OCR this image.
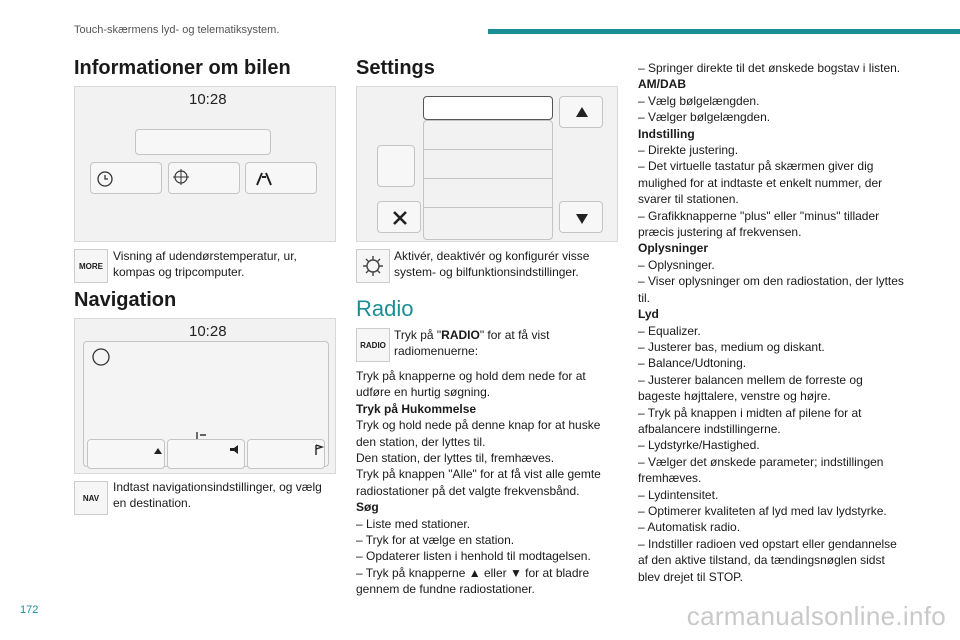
Touch-skærmens lyd- og telematiksystem.
172
Informationer om bilen
10:28
MORE
Visning af udendørstemperatur, ur, kompas og tripcomputer.
Navigation
10:28
NAV
Indtast navigationsindstillinger, og vælg en destination.
Settings
Aktivér, deaktivér og konfigurér visse system- og bilfunktionsindstillinger.
Radio
RADIO
Tryk på "RADIO" for at få vist radiomenuerne:

Tryk på knapperne og hold dem nede for at udføre en hurtig søgning.

Tryk på Hukommelse

Tryk og hold nede på denne knap for at huske den station, der lyttes til.

Den station, der lyttes til, fremhæves.

Tryk på knappen "Alle" for at få vist alle gemte radiostationer på det valgte frekvensbånd.

Søg

– Liste med stationer.

– Tryk for at vælge en station.

– Opdaterer listen i henhold til modtagelsen.

– Tryk på knapperne ▲ eller ▼ for at bladre gennem de fundne radiostationer.

– Springer direkte til det ønskede bogstav i listen.

AM/DAB

– Vælg bølgelængden.

– Vælger bølgelængden.

Indstilling

– Direkte justering.

– Det virtuelle tastatur på skærmen giver dig mulighed for at indtaste et enkelt nummer, der svarer til stationen.

– Grafikknapperne "plus" eller "minus" tillader præcis justering af frekvensen.

Oplysninger

– Oplysninger.

– Viser oplysninger om den radiostation, der lyttes til.

Lyd

– Equalizer.

– Justerer bas, medium og diskant.

– Balance/Udtoning.

– Justerer balancen mellem de forreste og bageste højttalere, venstre og højre.

– Tryk på knappen i midten af pilene for at afbalancere indstillingerne.

– Lydstyrke/Hastighed.

– Vælger det ønskede parameter; indstillingen fremhæves.

– Lydintensitet.

– Optimerer kvaliteten af lyd med lav lydstyrke.

– Automatisk radio.

– Indstiller radioen ved opstart eller gendannelse af den aktive tilstand, da tændingsnøglen sidst blev drejet til STOP.

carmanualsonline.info
